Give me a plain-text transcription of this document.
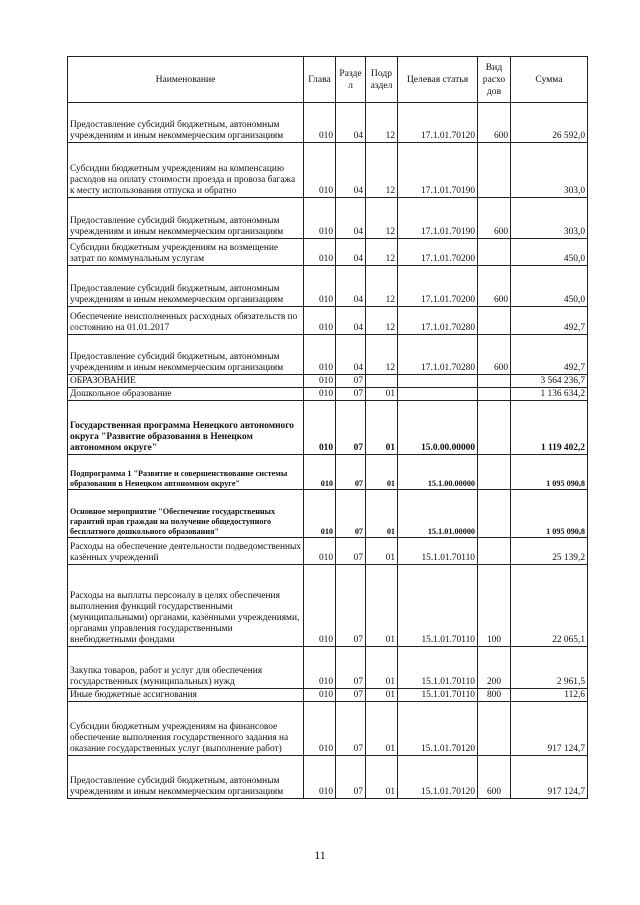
Наименование	Глава	Разде л	Подр аздел	Целевая статья	Вид расхо дов	Сумма
Предоставление субсидий бюджетным, автономным учреждениям и иным некоммерческим организациям	010	04	12	17.1.01.70120	600	26 592,0
Субсидии бюджетным учреждениям на компенсацию расходов на оплату стоимости проезда и провоза багажа к месту использования отпуска и обратно	010	04	12	17.1.01.70190		303,0
Предоставление субсидий бюджетным, автономным учреждениям и иным некоммерческим организациям	010	04	12	17.1.01.70190	600	303,0
Субсидии бюджетным учреждениям на возмещение затрат по коммунальным услугам	010	04	12	17.1.01.70200		450,0
Предоставление субсидий бюджетным, автономным учреждениям и иным некоммерческим организациям	010	04	12	17.1.01.70200	600	450,0
Обеспечение неисполненных расходных обязательств по состоянию на 01.01.2017	010	04	12	17.1.01.70280		492,7
Предоставление субсидий бюджетным, автономным учреждениям и иным некоммерческим организациям	010	04	12	17.1.01.70280	600	492,7
ОБРАЗОВАНИЕ	010	07				3 564 236,7
Дошкольное образование	010	07	01			1 136 634,2
Государственная программа Ненецкого автономного округа "Развитие образования в Ненецком автономном округе"	010	07	01	15.0.00.00000		1 119 402,2
Подпрограмма 1 "Развитие и совершенствование системы образования в Ненецком автономном округе"	010	07	01	15.1.00.00000		1 095 090,8
Основное мероприятие "Обеспечение государственных гарантий прав граждан на получение общедоступного бесплатного дошкольного образования"	010	07	01	15.1.01.00000		1 095 090,8
Расходы на обеспечение деятельности подведомственных казённых учреждений	010	07	01	15.1.01.70110		25 139,2
Расходы на выплаты персоналу в целях обеспечения выполнения функций государственными (муниципальными) органами, казёнными учреждениями, органами управления государственными внебюджетными фондами	010	07	01	15.1.01.70110	100	22 065,1
Закупка товаров, работ и услуг для обеспечения государственных (муниципальных) нужд	010	07	01	15.1.01.70110	200	2 961,5
Иные бюджетные ассигнования	010	07	01	15.1.01.70110	800	112,6
Субсидии бюджетным учреждениям на финансовое обеспечение выполнения государственного задания на оказание государственных услуг (выполнение работ)	010	07	01	15.1.01.70120		917 124,7
Предоставление субсидий бюджетным, автономным учреждениям и иным некоммерческим организациям	010	07	01	15.1.01.70120	600	917 124,7
11
